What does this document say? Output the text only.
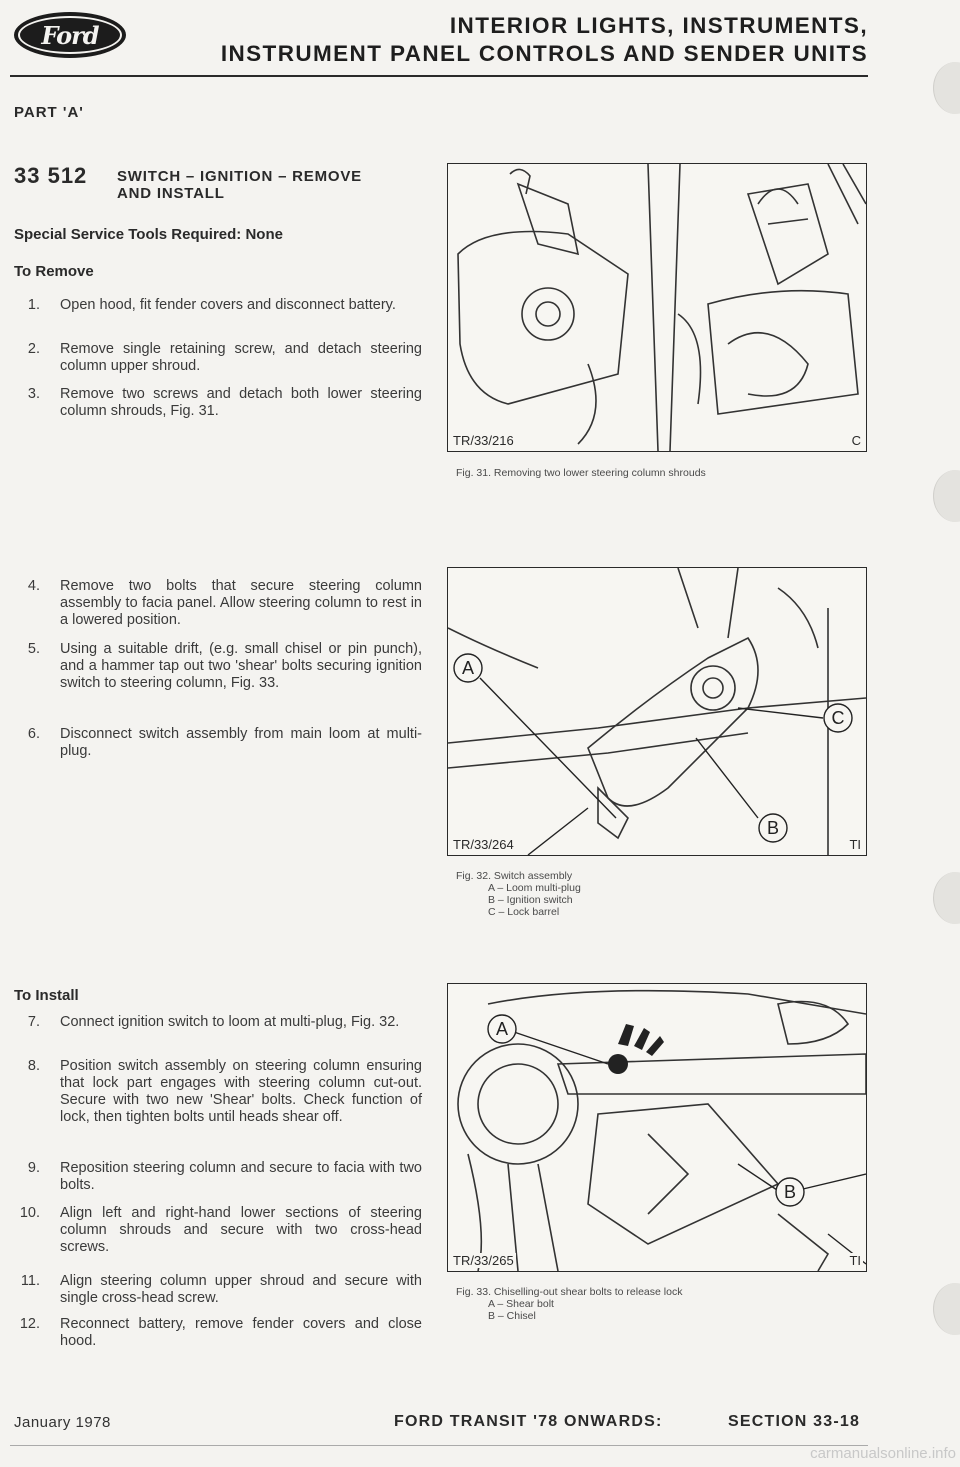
Ford	INTERIOR LIGHTS, INSTRUMENTS,
INSTRUMENT PANEL CONTROLS AND SENDER UNITS
PART 'A'
33 512 SWITCH – IGNITION – REMOVE
AND INSTALL
Special Service Tools Required: None
To Remove
1. Open hood, fit fender covers and disconnect battery.
2. Remove single retaining screw, and detach steering column upper shroud.
3. Remove two screws and detach both lower steering column shrouds, Fig. 31.
4. Remove two bolts that secure steering column assembly to facia panel. Allow steering column to rest in a lowered position.
5. Using a suitable drift, (e.g. small chisel or pin punch), and a hammer tap out two 'shear' bolts securing ignition switch to steering column, Fig. 33.
6. Disconnect switch assembly from main loom at multi-plug.
To Install
7. Connect ignition switch to loom at multi-plug, Fig. 32.
8. Position switch assembly on steering column ensuring that lock part engages with steering column cut-out. Secure with two new 'Shear' bolts. Check function of lock, then tighten bolts until heads shear off.
9. Reposition steering column and secure to facia with two bolts.
10. Align left and right-hand lower sections of steering column shrouds and secure with two cross-head screws.
11. Align steering column upper shroud and secure with single cross-head screw.
12. Reconnect battery, remove fender covers and close hood.
TR/33/216	C
Fig. 31. Removing two lower steering column shrouds
A
B
C
TR/33/264	TI
Fig. 32. Switch assembly
A – Loom multi-plug
B – Ignition switch
C – Lock barrel
A
B
TR/33/265	TI
Fig. 33. Chiselling-out shear bolts to release lock
A – Shear bolt
B – Chisel
January 1978	FORD TRANSIT '78 ONWARDS:	SECTION 33-18
carmanualsonline.info
